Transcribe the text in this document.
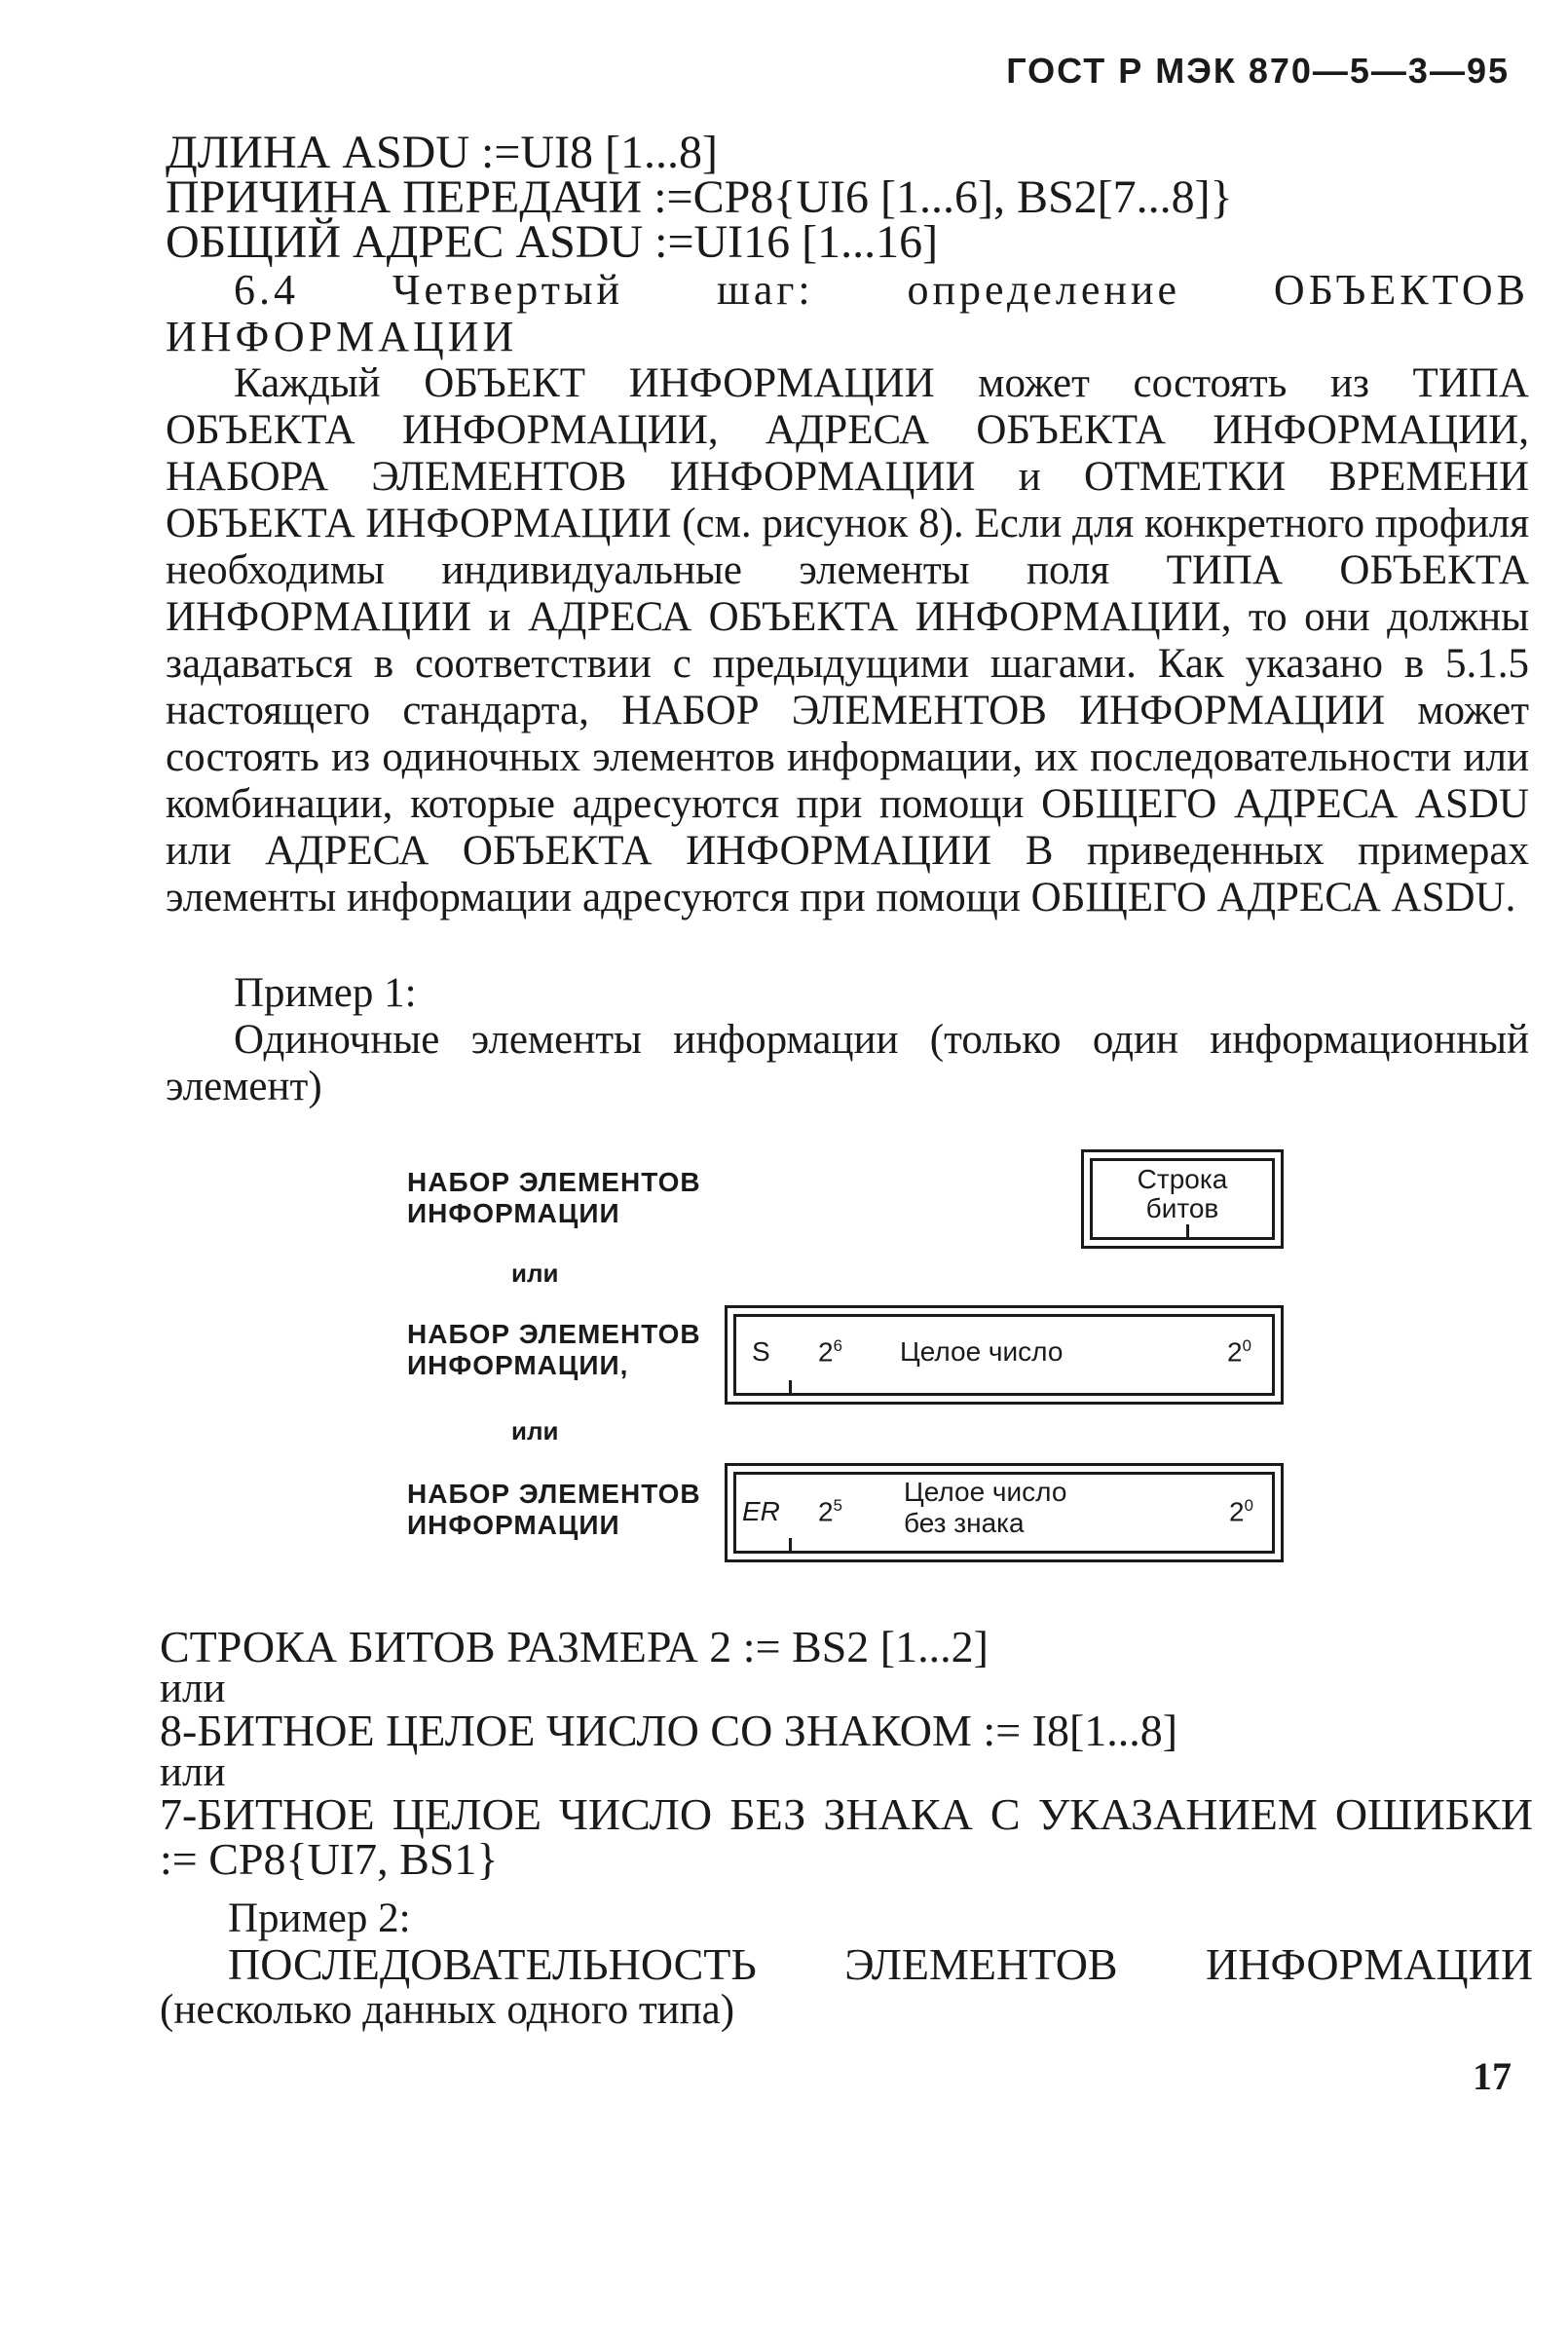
ГОСТ Р МЭК 870—5—3—95

ДЛИНА ASDU :=UI8 [1...8]

ПРИЧИНА ПЕРЕДАЧИ :=CP8{UI6 [1...6], BS2[7...8]}

ОБЩИЙ АДРЕС ASDU :=UI16 [1...16]

6.4 Четвертый шаг: определение ОБЪЕКТОВ ИНФОРМАЦИИ

Каждый ОБЪЕКТ ИНФОРМАЦИИ может состоять из ТИПА ОБЪЕКТА ИНФОРМАЦИИ, АДРЕСА ОБЪЕКТА ИНФОРМАЦИИ, НАБОРА ЭЛЕМЕНТОВ ИНФОРМАЦИИ и ОТМЕТКИ ВРЕМЕНИ ОБЪЕКТА ИНФОРМАЦИИ (см. рисунок 8). Если для конкретного профиля необходимы индивидуальные элементы поля ТИПА ОБЪЕКТА ИНФОРМАЦИИ и АДРЕСА ОБЪЕКТА ИНФОРМАЦИИ, то они должны задаваться в соответствии с предыдущими шагами. Как указано в 5.1.5 настоящего стандарта, НАБОР ЭЛЕМЕНТОВ ИНФОРМАЦИИ может состоять из одиночных элементов информации, их последовательности или комбинации, которые адресуются при помощи ОБЩЕГО АДРЕСА ASDU или АДРЕСА ОБЪЕКТА ИНФОРМАЦИИ В приведенных примерах элементы информации адресуются при помощи ОБЩЕГО АДРЕСА ASDU.

Пример 1:

Одиночные элементы информации (только один информационный элемент)

НАБОР ЭЛЕМЕНТОВ ИНФОРМАЦИИ
или
НАБОР ЭЛЕМЕНТОВ ИНФОРМАЦИИ,
или
НАБОР ЭЛЕМЕНТОВ ИНФОРМАЦИИ
Строка
битов
S $2^6$ Целое число	$2^0$
ER $2^5$ Целое число
без знака	$2^0$

СТРОКА БИТОВ РАЗМЕРА 2 := BS2 [1...2]

или

8-БИТНОЕ ЦЕЛОЕ ЧИСЛО СО ЗНАКОМ := I8[1...8]

или

7-БИТНОЕ ЦЕЛОЕ ЧИСЛО БЕЗ ЗНАКА С УКАЗАНИЕМ ОШИБКИ := CP8{UI7, BS1}

Пример 2:

ПОСЛЕДОВАТЕЛЬНОСТЬ ЭЛЕМЕНТОВ ИНФОРМАЦИИ

(несколько данных одного типа)

17
